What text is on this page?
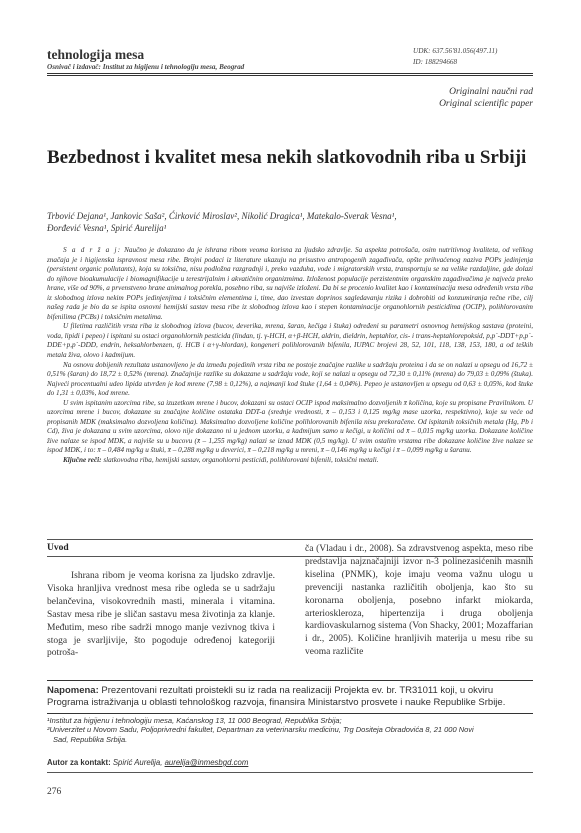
tehnologija mesa
Osnivač i izdavač: Institut za higijenu i tehnologiju mesa, Beograd
UDK: 637.56'81.056(497.11)
ID: 188294668
Originalni naučni rad
Original scientific paper
Bezbednost i kvalitet mesa nekih slatkovodnih riba u Srbiji
Trbović Dejana¹, Jankovic Saša², Ćirković Miroslav², Nikolić Dragica¹, Matekalo-Sverak Vesna¹,
Đorđević Vesna¹, Spirić Aurelija¹

S a d r ž a j: Naučno je dokazano da je ishrana ribom veoma korisna za ljudsko zdravlje. Sa aspekta potrošača, osim nutritivnog kvaliteta, od velikog značaja je i higijenska ispravnost mesa ribe. Brojni podaci iz literature ukazuju na prisustvo antropogenih zagađivača, opšte prihvaćenog naziva POPs jedinjenja (persistent organic pollutants), koja su toksična, nisu podložna razgradnji i, preko vazduha, vode i migratorskih vrsta, transportuju se na velike razdaljine, gde dolazi do njihove bioakumulacije i biomagnifikacije u terestrijalnim i akvatičnim organizmima. Izloženost populacije perzistentnim organskim zagađivačima je najveća preko hrane, više od 90%, a prvenstveno hrane animalnog porekla, posebno riba, su najviše izloženi. Da bi se procenio kvalitet kao i kontaminacija mesa određenih vrsta riba iz slobodnog izlova nekim POPs jedinjenjima i toksičnim elementima i, time, dao izvestan doprinos sagledavanju rizika i dobrobiti od konzumiranja rečne ribe, cilj našeg rada je bio da se ispita osnovni hemijski sastav mesa ribe iz slobodnog izlova kao i stepen kontaminacije organohlornih pesticidima (OCIP), polihlorovanim bifenilima (PCBs) i toksičnim metalima.

U filetima različitih vrsta riba iz slobodnog izlova (bucov, deverika, mrena, šaran, kečiga i štuka) određeni su parametri osnovnog hemijskog sastava (proteini, voda, lipidi i pepeo) i ispitani su ostaci organohlornih pesticida (lindan, tj. γ-HCH, α+β-HCH, aldrin, dieldrin, heptahlor, cis- i trans-heptahlorepoksid, p,p´-DDT+p,p´-DDE+p,p´-DDD, endrin, heksahlorbenzen, tj. HCB i α+γ-hlordan), kongeneri polihlorovanih bifenila, IUPAC brojevi 28, 52, 101, 118, 138, 153, 180, a od teških metala živa, olovo i kadmijum.

Na osnovu dobijenih rezultata ustanovljeno je da između pojedinih vrsta riba ne postoje značajne razlike u sadržaju proteina i da se on nalazi u opsegu od 16,72 ± 0,51% (šaran) do 18,72 ± 0,52% (mrena). Značajnije razlike su dokazane u sadržaju vode, koji se nalazi u opsegu od 72,30 ± 0,11% (mrena) do 79,03 ± 0,09% (štuka). Najveći procentualni udeo lipida utvrđen je kod mrene (7,98 ± 0,12%), a najmanji kod štuke (1,64 ± 0,04%). Pepeo je ustanovljen u opsegu od 0,63 ± 0,05%, kod štuke do 1,31 ± 0,03%, kod mrene.

U svim ispitanim uzorcima ribe, sa izuzetkom mrene i bucov, dokazani su ostaci OCIP ispod maksimalno dozvoljenih x̄ količina, koje su propisane Pravilnikom. U uzorcima mrene i bucov, dokazane su značajne količine ostataka DDT-a (srednje vrednosti, x̄ – 0,153 i 0,125 mg/kg mase uzorka, respektivno), koje su veće od propisanih MDK (maksimalno dozvoljena količina). Maksimalno dozvoljene količine polihlorovanih bifenila nisu prekoračene. Od ispitanih toksičnih metala (Hg, Pb i Cd), živa je dokazana u svim uzorcima, olovo nije dokazano ni u jednom uzorku, a kadmijum samo u kečigi, u količini od x̄ – 0,015 mg/kg uzorka. Dokazane količine žive nalaze se ispod MDK, a najviše su u bucovu (x̄ – 1,255 mg/kg) nalazi se iznad MDK (0,5 mg/kg). U svim ostalim vrstama ribe dokazane količine žive nalaze se ispod MDK, i to: x̄ – 0,484 mg/kg u štuki, x̄ – 0,288 mg/kg u deverici, x̄ – 0,218 mg/kg u mreni, x̄ – 0,146 mg/kg u kečigi i x̄ – 0,099 mg/kg u šaranu.

Ključne reči: slatkovodna riba, hemijski sastav, organohlorni pesticidi, polihlorovani bifenili, toksični metali.

Uvod

Ishrana ribom je veoma korisna za ljudsko zdravlje. Visoka hranljiva vrednost mesa ribe ogleda se u sadržaju belančevina, visokovrednih masti, minerala i vitamina. Sastav mesa ribe je sličan sastavu mesa životinja za klanje. Međutim, meso ribe sadrži mnogo manje vezivnog tkiva i stoga je svarljivije, što pogoduje određenoj kategoriji potroša-

ča (Vladau i dr., 2008). Sa zdravstvenog aspekta, meso ribe predstavlja najznačajniji izvor n-3 polinezasićenih masnih kiselina (PNMK), koje imaju veoma važnu ulogu u prevenciji nastanka različitih oboljenja, kao što su koronarna oboljenja, posebno infarkt miokarda, arterioskleroza, hipertenzija i druga oboljenja kardiovaskularnog sistema (Von Shacky, 2001; Mozaffarian i dr., 2005). Količine hranljivih materija u mesu ribe su veoma različite

Napomena: Prezentovani rezultati proistekli su iz rada na realizaciji Projekta ev. br. TR31011 koji, u okviru Programa istraživanja u oblasti tehnološkog razvoja, finansira Ministarstvo prosvete i nauke Republike Srbije.

¹Institut za higijenu i tehnologiju mesa, Kaćanskog 13, 11 000 Beograd, Republika Srbija;

²Univerzitet u Novom Sadu, Poljoprivredni fakultet, Departman za veterinarsku medicinu, Trg Dositeja Obradovića 8, 21 000 Novi

Sad, Republika Srbija.

Autor za kontakt: Spirić Aurelija, aurelija@inmesbgd.com
276
